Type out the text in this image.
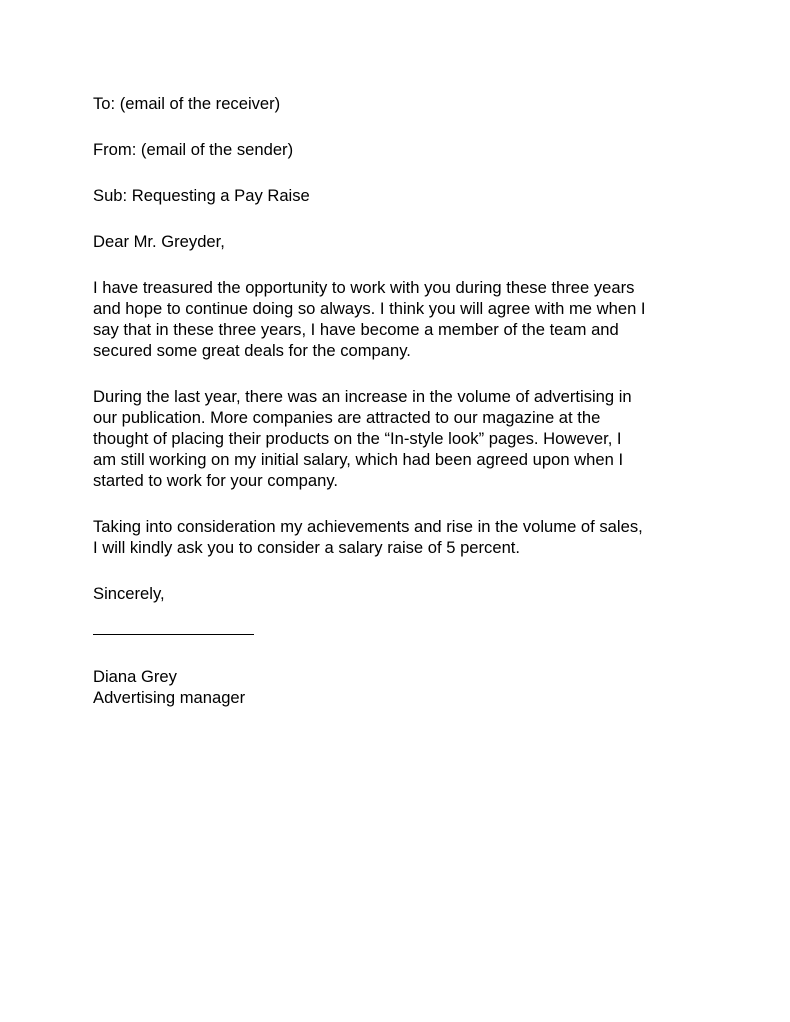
To: (email of the receiver)

From: (email of the sender)

Sub: Requesting a Pay Raise

Dear Mr. Greyder,

I have treasured the opportunity to work with you during these three years
and hope to continue doing so always. I think you will agree with me when I
say that in these three years, I have become a member of the team and
secured some great deals for the company.

During the last year, there was an increase in the volume of advertising in
our publication. More companies are attracted to our magazine at the
thought of placing their products on the “In-style look” pages. However, I
am still working on my initial salary, which had been agreed upon when I
started to work for your company.

Taking into consideration my achievements and rise in the volume of sales,
I will kindly ask you to consider a salary raise of 5 percent.

Sincerely,

Diana Grey

Advertising manager
